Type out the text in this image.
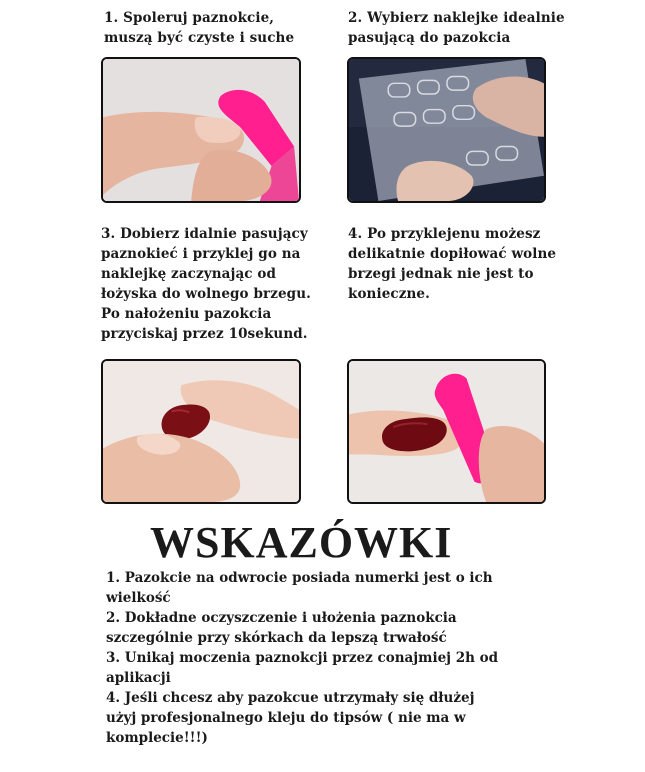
1. Spoleruj paznokcie,
muszą być czyste i suche
2. Wybierz naklejke idealnie
pasującą do pazokcia
3. Dobierz idalnie pasujący
paznokieć i przyklej go na
naklejkę zaczynając od
łożyska do wolnego brzegu.
Po nałożeniu pazokcia
przyciskaj przez 10sekund.
4. Po przyklejenu możesz
delikatnie dopiłować wolne
brzegi jednak nie jest to
konieczne.
WSKAZÓWKI
1. Pazokcie na odwrocie posiada numerki jest o ich
wielkość
2. Dokładne oczyszczenie i ułożenia paznokcia
szczególnie przy skórkach da lepszą trwałość
3. Unikaj moczenia paznokcji przez conajmiej 2h od
aplikacji
4. Jeśli chcesz aby pazokcue utrzymały się dłużej
użyj profesjonalnego kleju do tipsów ( nie ma w
komplecie!!!)
